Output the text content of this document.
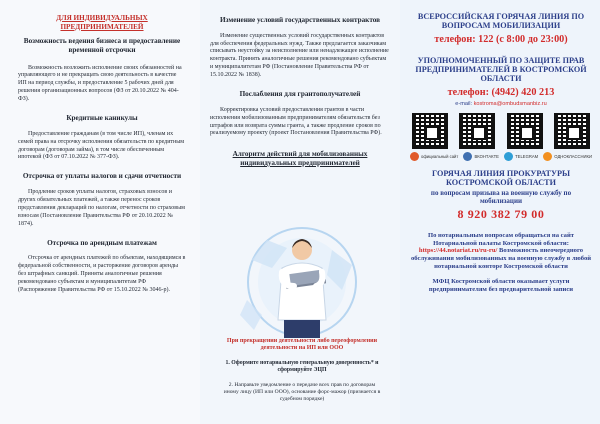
ДЛЯ ИНДИВИДУАЛЬНЫХ ПРЕДПРИНИМАТЕЛЕЙ
Возможность ведения бизнеса и предоставление временной отсрочки
Возможность возложить исполнение своих обязанностей на управляющего и не прекращать свою деятельность в качестве ИП на период службы, и предоставление 5 рабочих дней для решения организационных вопросов (ФЗ от 20.10.2022 № 404-ФЗ).
Кредитные каникулы
Предоставление гражданам (в том числе ИП), членам их семей права на отсрочку исполнения обязательств по кредитным договорам (договорам займа), в том числе обеспеченным ипотекой (ФЗ от 07.10.2022 № 377-ФЗ).
Отсрочка от уплаты налогов и сдачи отчетности
Продление сроков уплаты налогов, страховых взносов и других обязательных платежей, а также перенос сроков представления деклараций по налогам, отчетности по страховым взносам (Постановление Правительства РФ от 20.10.2022 № 1874).
Отсрочка по арендным платежам
Отсрочка от арендных платежей по объектам, находящимся в федеральной собственности, и расторжение договоров аренды без штрафных санкций. Приняты аналогичные решения рекомендовано субъектам и муниципалитетам РФ (Распоряжение Правительства РФ от 15.10.2022 № 3046-р).
Изменение условий государственных контрактов
Изменение существенных условий государственных контрактов для обеспечения федеральных нужд. Также предлагается заказчикам списывать неустойку за неисполнение или ненадлежащее исполнение контракта. Принять аналогичные решения рекомендовано субъектам и муниципалитетам РФ (Постановление Правительства РФ от 15.10.2022 № 1838).
Послабления для грантополучателей
Корректировка условий предоставления грантов в части исполнения мобилизованным предпринимателям обязательств без штрафов или возврата суммы гранта, а также продление сроков по реализуемому проекту (проект Постановления Правительства РФ).
Алгоритм действий для мобилизованных индивидуальных предпринимателей
При прекращении деятельности либо переоформлении деятельности на ИП или ООО
1. Оформите нотариальную генеральную доверенность* и сформируйте ЭЦП
2. Направьте уведомление о передаче всех прав по договорам иному лицу (ИП или ООО), основание форс-мажор (признается в судебном порядке)
ВСЕРОССИЙСКАЯ ГОРЯЧАЯ ЛИНИЯ ПО ВОПРОСАМ МОБИЛИЗАЦИИ
телефон: 122 (с 8:00 до 23:00)
УПОЛНОМОЧЕННЫЙ ПО ЗАЩИТЕ ПРАВ ПРЕДПРИНИМАТЕЛЕЙ В КОСТРОМСКОЙ ОБЛАСТИ
телефон: (4942) 420 213
e-mail: kostroma@ombudsmanbiz.ru
официальный сайт	ВКОНТАКТЕ	TELEGRAM	ОДНОКЛАССНИКИ
ГОРЯЧАЯ ЛИНИЯ ПРОКУРАТУРЫ КОСТРОМСКОЙ ОБЛАСТИ
по вопросам призыва на военную службу по мобилизации
8 920 382 79 00
По нотариальным вопросам обращаться на сайт Нотариальной палаты Костромской области: https://44.notariat.ru/ru-ru/ Возможность внеочередного обслуживания мобилизованных на военную службу в любой нотариальной конторе Костромской области
МФЦ Костромской области оказывает услуги предпринимателям без предварительной записи
